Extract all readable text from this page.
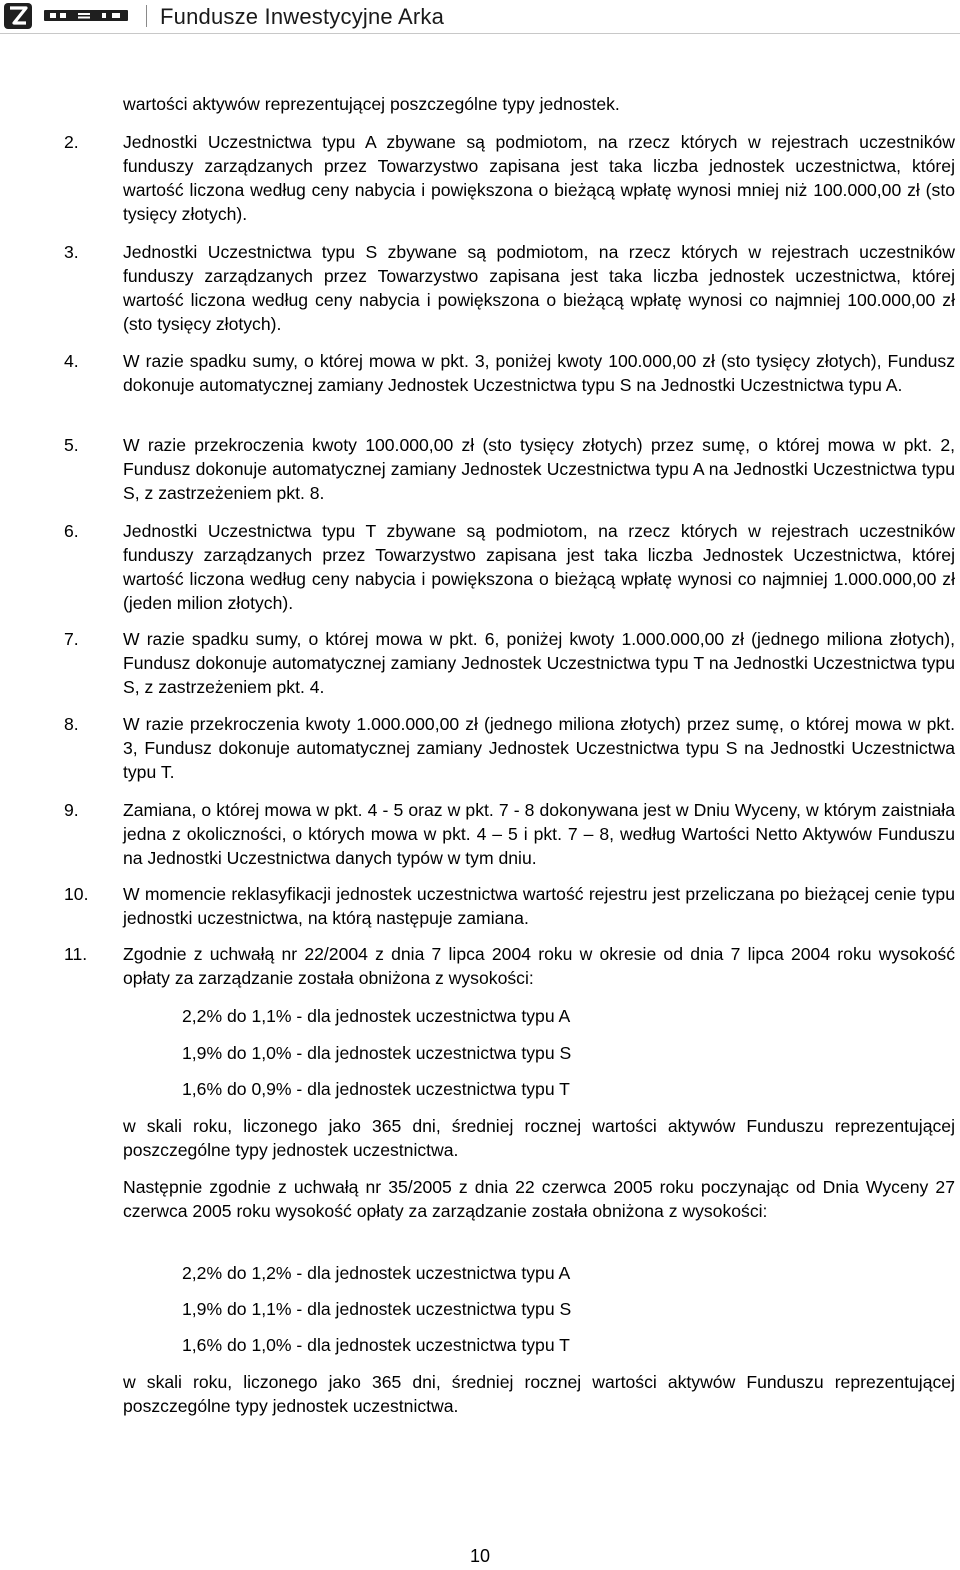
Fundusze Inwestycyjne Arka
wartości aktywów reprezentującej poszczególne typy jednostek.
2.	Jednostki Uczestnictwa typu A zbywane są podmiotom, na rzecz których w rejestrach uczestników funduszy zarządzanych przez Towarzystwo zapisana jest taka liczba jednostek uczestnictwa, której wartość liczona według ceny nabycia i powiększona o bieżącą wpłatę wynosi mniej niż 100.000,00 zł (sto tysięcy złotych).
3.	Jednostki Uczestnictwa typu S zbywane są podmiotom, na rzecz których w rejestrach uczestników funduszy zarządzanych przez Towarzystwo zapisana jest taka liczba jednostek uczestnictwa, której wartość liczona według ceny nabycia i powiększona o bieżącą wpłatę wynosi co najmniej 100.000,00 zł (sto tysięcy złotych).
4.	W razie spadku sumy, o której mowa w pkt. 3, poniżej kwoty 100.000,00 zł (sto tysięcy złotych), Fundusz dokonuje automatycznej zamiany Jednostek Uczestnictwa typu S na Jednostki Uczestnictwa typu A.
5.	W razie przekroczenia kwoty 100.000,00 zł (sto tysięcy złotych) przez sumę, o której mowa w pkt. 2, Fundusz dokonuje automatycznej zamiany Jednostek Uczestnictwa typu A na Jednostki Uczestnictwa typu S, z zastrzeżeniem pkt. 8.
6.	Jednostki Uczestnictwa typu T zbywane są podmiotom, na rzecz których w rejestrach uczestników funduszy zarządzanych przez Towarzystwo zapisana jest taka liczba Jednostek Uczestnictwa, której wartość liczona według ceny nabycia i powiększona o bieżącą wpłatę wynosi co najmniej 1.000.000,00 zł (jeden milion złotych).
7.	W razie spadku sumy, o której mowa w pkt. 6, poniżej kwoty 1.000.000,00 zł (jednego miliona złotych), Fundusz dokonuje automatycznej zamiany Jednostek Uczestnictwa typu T na Jednostki Uczestnictwa typu S, z zastrzeżeniem pkt. 4.
8.	W razie przekroczenia kwoty 1.000.000,00 zł (jednego miliona złotych) przez sumę, o której mowa w pkt. 3, Fundusz dokonuje automatycznej zamiany Jednostek Uczestnictwa typu S na Jednostki Uczestnictwa typu T.
9.	Zamiana, o której mowa w pkt. 4 - 5 oraz w pkt. 7 - 8 dokonywana jest w Dniu Wyceny, w którym zaistniała jedna z okoliczności, o których mowa w pkt. 4 – 5 i pkt. 7 – 8, według Wartości Netto Aktywów Funduszu na Jednostki Uczestnictwa danych typów w tym dniu.
10. W momencie reklasyfikacji jednostek uczestnictwa wartość rejestru jest przeliczana po bieżącej cenie typu jednostki uczestnictwa, na którą następuje zamiana.
11. Zgodnie z uchwałą nr 22/2004 z dnia 7 lipca 2004 roku w okresie od dnia 7 lipca 2004 roku wysokość opłaty za zarządzanie została obniżona z wysokości:
2,2% do 1,1% - dla jednostek uczestnictwa typu A
1,9% do 1,0% - dla jednostek uczestnictwa typu S
1,6% do 0,9% - dla jednostek uczestnictwa typu T
w skali roku, liczonego jako 365 dni, średniej rocznej wartości aktywów Funduszu reprezentującej poszczególne typy jednostek uczestnictwa.
Następnie zgodnie z uchwałą nr 35/2005 z dnia 22 czerwca 2005 roku poczynając od Dnia Wyceny 27 czerwca 2005 roku wysokość opłaty za zarządzanie została obniżona z wysokości:
2,2% do 1,2% - dla jednostek uczestnictwa typu A
1,9% do 1,1% - dla jednostek uczestnictwa typu S
1,6% do 1,0% - dla jednostek uczestnictwa typu T
w skali roku, liczonego jako 365 dni, średniej rocznej wartości aktywów Funduszu reprezentującej poszczególne typy jednostek uczestnictwa.
10
